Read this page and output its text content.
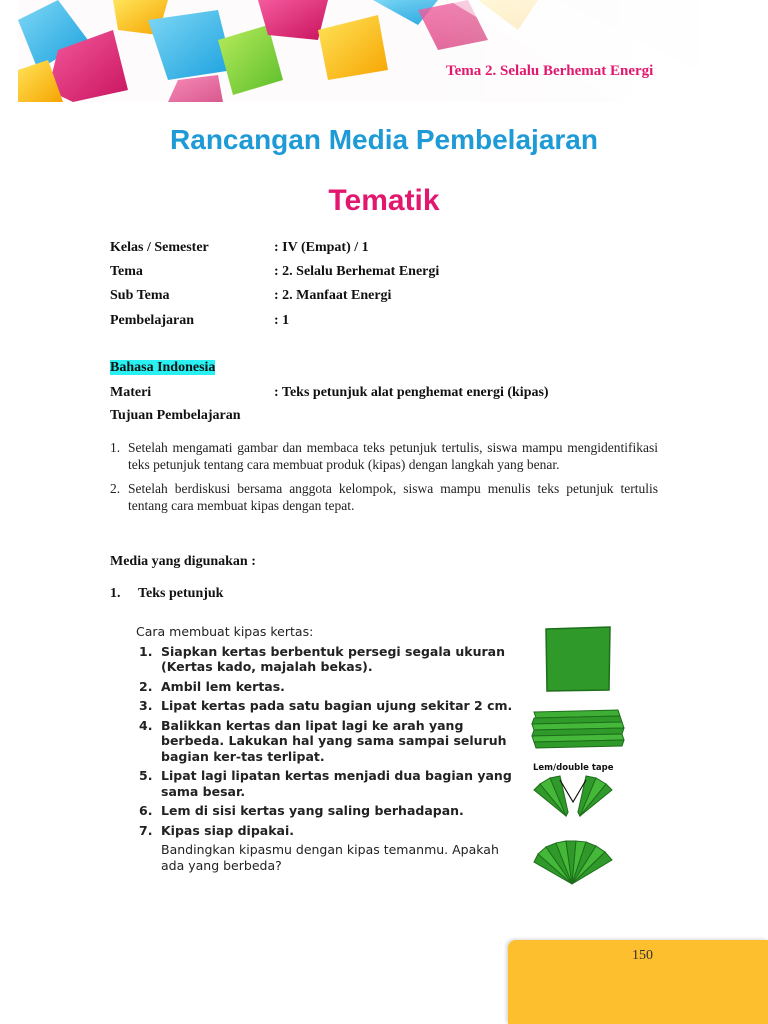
Tema 2. Selalu Berhemat Energi
Rancangan Media Pembelajaran
Tematik
Kelas / Semester	: IV (Empat) / 1
Tema	: 2. Selalu Berhemat Energi
Sub Tema	: 2. Manfaat Energi
Pembelajaran	: 1
Bahasa Indonesia
Materi	: Teks petunjuk alat penghemat energi (kipas)
Tujuan Pembelajaran
1. Setelah mengamati gambar dan membaca teks petunjuk tertulis, siswa mampu mengidentifikasi teks petunjuk tentang cara membuat produk (kipas) dengan langkah yang benar.
2. Setelah berdiskusi bersama anggota kelompok, siswa mampu menulis teks petunjuk tertulis tentang cara membuat kipas dengan tepat.
Media yang digunakan :
1. Teks petunjuk
Cara membuat kipas kertas:
1. Siapkan kertas berbentuk persegi segala ukuran (Kertas kado, majalah bekas).
2. Ambil lem kertas.
3. Lipat kertas pada satu bagian ujung sekitar 2 cm.
4. Balikkan kertas dan lipat lagi ke arah yang berbeda. Lakukan hal yang sama sampai seluruh bagian ker-tas terlipat.
5. Lipat lagi lipatan kertas menjadi dua bagian yang sama besar.
6. Lem di sisi kertas yang saling berhadapan.
7. Kipas siap dipakai.
Bandingkan kipasmu dengan kipas temanmu. Apakah ada yang berbeda?
Lem/double tape
150
